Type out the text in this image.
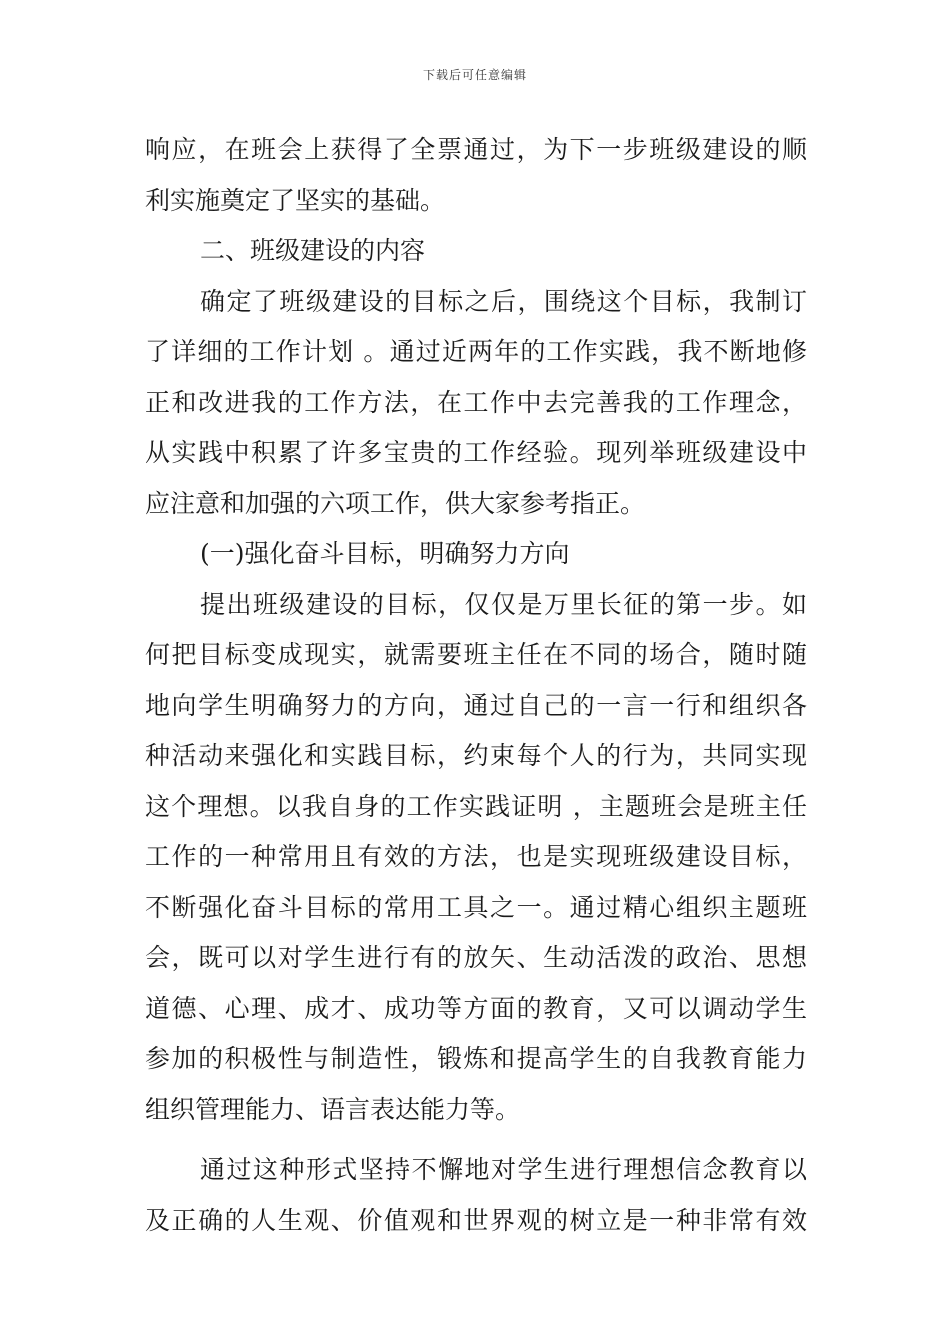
下载后可任意编辑
响应，在班会上获得了全票通过，为下一步班级建设的顺
利实施奠定了坚实的基础。
二、班级建设的内容
确定了班级建设的目标之后，围绕这个目标，我制订
了详细的工作计划 。通过近两年的工作实践，我不断地修
正和改进我的工作方法，在工作中去完善我的工作理念，
从实践中积累了许多宝贵的工作经验。现列举班级建设中
应注意和加强的六项工作，供大家参考指正。
(一)强化奋斗目标，明确努力方向
提出班级建设的目标，仅仅是万里长征的第一步。如
何把目标变成现实，就需要班主任在不同的场合，随时随
地向学生明确努力的方向，通过自己的一言一行和组织各
种活动来强化和实践目标，约束每个人的行为，共同实现
这个理想。以我自身的工作实践证明 ，主题班会是班主任
工作的一种常用且有效的方法，也是实现班级建设目标，
不断强化奋斗目标的常用工具之一。通过精心组织主题班
会，既可以对学生进行有的放矢、生动活泼的政治、思想
道德、心理、成才、成功等方面的教育，又可以调动学生
参加的积极性与制造性，锻炼和提高学生的自我教育能力
组织管理能力、语言表达能力等。
通过这种形式坚持不懈地对学生进行理想信念教育以
及正确的人生观、价值观和世界观的树立是一种非常有效
